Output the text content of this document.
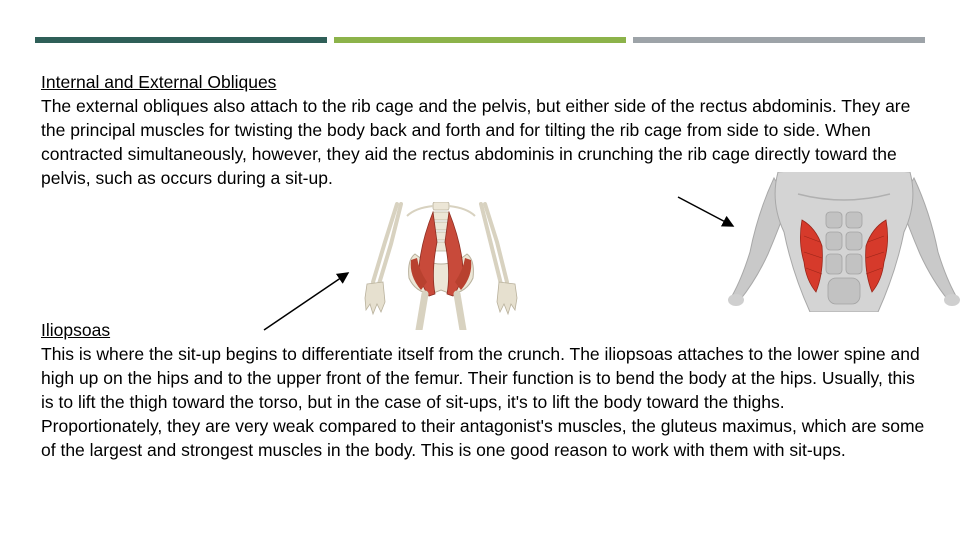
Internal and External Obliques
The external obliques also attach to the rib cage and the pelvis, but either side of the rectus abdominis. They are the principal muscles for twisting the body back and forth and for tilting the rib cage from side to side. When contracted simultaneously, however, they aid the rectus abdominis in crunching the rib cage directly toward the pelvis, such as occurs during a sit-up.
Iliopsoas

This is where the sit-up begins to differentiate itself from the crunch. The iliopsoas attaches to the lower spine and high up on the hips and to the upper front of the femur. Their function is to bend the body at the hips. Usually, this is to lift the thigh toward the torso, but in the case of sit-ups, it's to lift the body toward the thighs.

Proportionately, they are very weak compared to their antagonist's muscles, the gluteus maximus, which are some of the largest and strongest muscles in the body. This is one good reason to work with them with sit-ups.
